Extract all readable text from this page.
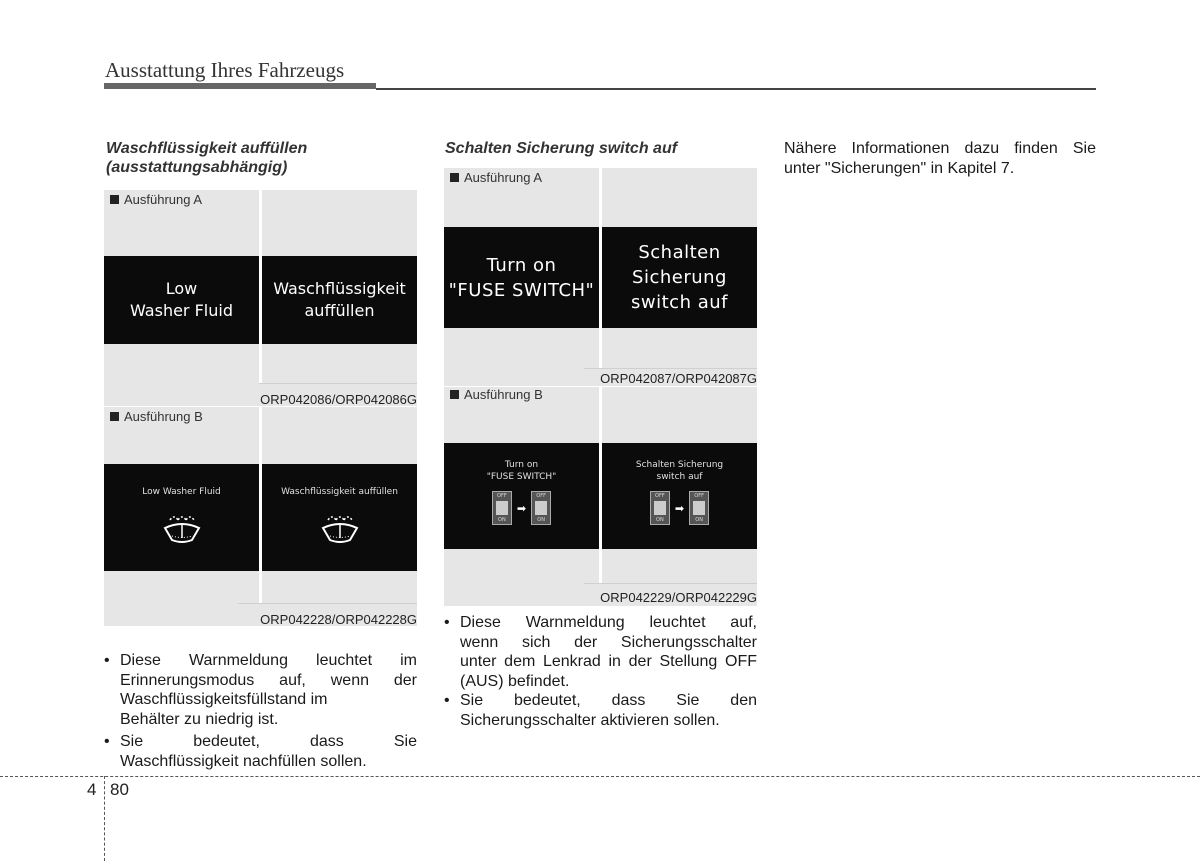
Ausstattung Ihres Fahrzeugs
Waschflüssigkeit auffüllen
(ausstattungsabhängig)
Ausführung A
Low
Washer Fluid
Waschflüssigkeit
auffüllen
ORP042086/ORP042086G
Ausführung B
Low Washer Fluid	Waschflüssigkeit auffüllen
ORP042228/ORP042228G
• Diese Warnmeldung leuchtet im
Erinnerungsmodus auf, wenn der
Waschflüssigkeitsfüllstand im
Behälter zu niedrig ist.
• Sie bedeutet, dass Sie
Waschflüssigkeit nachfüllen sollen.
Schalten Sicherung switch auf
Ausführung A
Turn on
"FUSE SWITCH"
Schalten
Sicherung
switch auf
ORP042087/ORP042087G
Ausführung B
Turn on
"FUSE SWITCH"
OFF
ON
➡
OFF
ON
Schalten Sicherung
switch auf
OFF
ON
➡
OFF
ON
ORP042229/ORP042229G
• Diese Warnmeldung leuchtet auf,
wenn sich der Sicherungsschalter
unter dem Lenkrad in der Stellung OFF
(AUS) befindet.
• Sie bedeutet, dass Sie den
Sicherungsschalter aktivieren sollen.
Nähere Informationen dazu finden Sie
unter "Sicherungen" in Kapitel 7.
4 80
